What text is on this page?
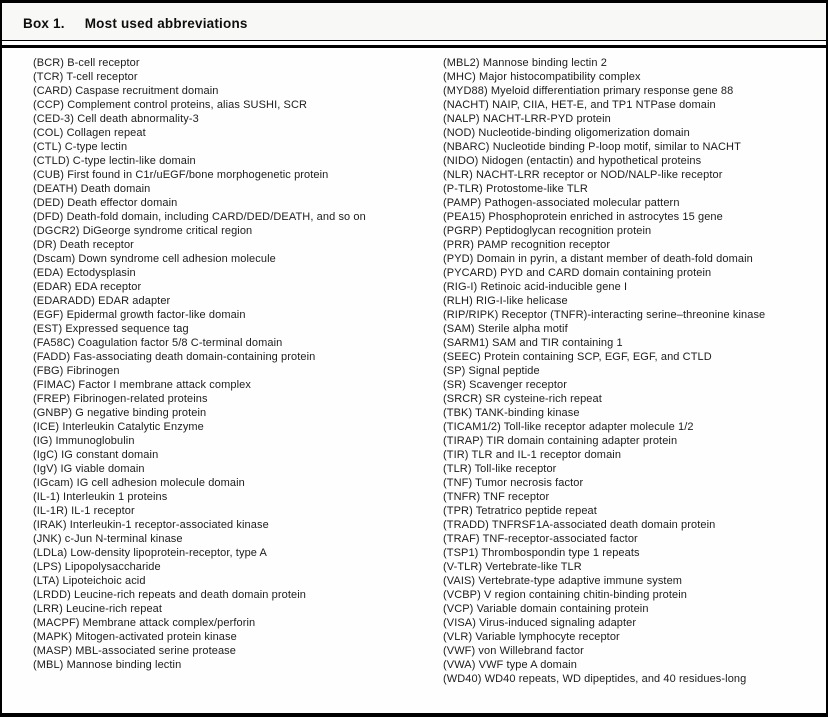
Box 1. Most used abbreviations
(BCR) B-cell receptor
(TCR) T-cell receptor
(CARD) Caspase recruitment domain
(CCP) Complement control proteins, alias SUSHI, SCR
(CED-3) Cell death abnormality-3
(COL) Collagen repeat
(CTL) C-type lectin
(CTLD) C-type lectin-like domain
(CUB) First found in C1r/uEGF/bone morphogenetic protein
(DEATH) Death domain
(DED) Death effector domain
(DFD) Death-fold domain, including CARD/DED/DEATH, and so on
(DGCR2) DiGeorge syndrome critical region
(DR) Death receptor
(Dscam) Down syndrome cell adhesion molecule
(EDA) Ectodysplasin
(EDAR) EDA receptor
(EDARADD) EDAR adapter
(EGF) Epidermal growth factor-like domain
(EST) Expressed sequence tag
(FA58C) Coagulation factor 5/8 C-terminal domain
(FADD) Fas-associating death domain-containing protein
(FBG) Fibrinogen
(FIMAC) Factor I membrane attack complex
(FREP) Fibrinogen-related proteins
(GNBP) G negative binding protein
(ICE) Interleukin Catalytic Enzyme
(IG) Immunoglobulin
(IgC) IG constant domain
(IgV) IG viable domain
(IGcam) IG cell adhesion molecule domain
(IL-1) Interleukin 1 proteins
(IL-1R) IL-1 receptor
(IRAK) Interleukin-1 receptor-associated kinase
(JNK) c-Jun N-terminal kinase
(LDLa) Low-density lipoprotein-receptor, type A
(LPS) Lipopolysaccharide
(LTA) Lipoteichoic acid
(LRDD) Leucine-rich repeats and death domain protein
(LRR) Leucine-rich repeat
(MACPF) Membrane attack complex/perforin
(MAPK) Mitogen-activated protein kinase
(MASP) MBL-associated serine protease
(MBL) Mannose binding lectin
(MBL2) Mannose binding lectin 2
(MHC) Major histocompatibility complex
(MYD88) Myeloid differentiation primary response gene 88
(NACHT) NAIP, CIIA, HET-E, and TP1 NTPase domain
(NALP) NACHT-LRR-PYD protein
(NOD) Nucleotide-binding oligomerization domain
(NBARC) Nucleotide binding P-loop motif, similar to NACHT
(NIDO) Nidogen (entactin) and hypothetical proteins
(NLR) NACHT-LRR receptor or NOD/NALP-like receptor
(P-TLR) Protostome-like TLR
(PAMP) Pathogen-associated molecular pattern
(PEA15) Phosphoprotein enriched in astrocytes 15 gene
(PGRP) Peptidoglycan recognition protein
(PRR) PAMP recognition receptor
(PYD) Domain in pyrin, a distant member of death-fold domain
(PYCARD) PYD and CARD domain containing protein
(RIG-I) Retinoic acid-inducible gene I
(RLH) RIG-I-like helicase
(RIP/RIPK) Receptor (TNFR)-interacting serine–threonine kinase
(SAM) Sterile alpha motif
(SARM1) SAM and TIR containing 1
(SEEC) Protein containing SCP, EGF, EGF, and CTLD
(SP) Signal peptide
(SR) Scavenger receptor
(SRCR) SR cysteine-rich repeat
(TBK) TANK-binding kinase
(TICAM1/2) Toll-like receptor adapter molecule 1/2
(TIRAP) TIR domain containing adapter protein
(TIR) TLR and IL-1 receptor domain
(TLR) Toll-like receptor
(TNF) Tumor necrosis factor
(TNFR) TNF receptor
(TPR) Tetratrico peptide repeat
(TRADD) TNFRSF1A-associated death domain protein
(TRAF) TNF-receptor-associated factor
(TSP1) Thrombospondin type 1 repeats
(V-TLR) Vertebrate-like TLR
(VAIS) Vertebrate-type adaptive immune system
(VCBP) V region containing chitin-binding protein
(VCP) Variable domain containing protein
(VISA) Virus-induced signaling adapter
(VLR) Variable lymphocyte receptor
(VWF) von Willebrand factor
(VWA) VWF type A domain
(WD40) WD40 repeats, WD dipeptides, and 40 residues-long
